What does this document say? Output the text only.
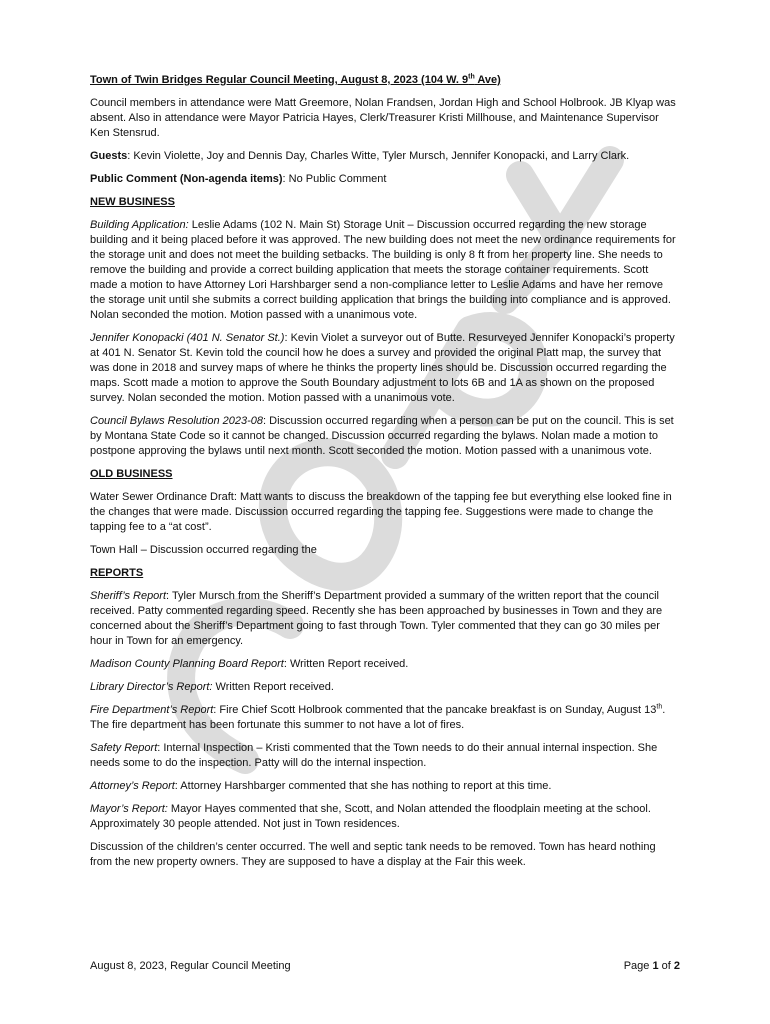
Town of Twin Bridges Regular Council Meeting, August 8, 2023 (104 W. 9th Ave)

Council members in attendance were Matt Greemore, Nolan Frandsen, Jordan High and School Holbrook. JB Klyap was absent. Also in attendance were Mayor Patricia Hayes, Clerk/Treasurer Kristi Millhouse, and Maintenance Supervisor Ken Stensrud.

Guests: Kevin Violette, Joy and Dennis Day, Charles Witte, Tyler Mursch, Jennifer Konopacki, and Larry Clark.

Public Comment (Non-agenda items): No Public Comment

NEW BUSINESS

Building Application: Leslie Adams (102 N. Main St) Storage Unit – Discussion occurred regarding the new storage building and it being placed before it was approved. The new building does not meet the new ordinance requirements for the storage unit and does not meet the building setbacks. The building is only 8 ft from her property line. She needs to remove the building and provide a correct building application that meets the storage container requirements. Scott made a motion to have Attorney Lori Harshbarger send a non-compliance letter to Leslie Adams and have her remove the storage unit until she submits a correct building application that brings the building into compliance and is approved. Nolan seconded the motion. Motion passed with a unanimous vote.

Jennifer Konopacki (401 N. Senator St.): Kevin Violet a surveyor out of Butte. Resurveyed Jennifer Konopacki’s property at 401 N. Senator St. Kevin told the council how he does a survey and provided the original Platt map, the survey that was done in 2018 and survey maps of where he thinks the property lines should be. Discussion occurred regarding the maps. Scott made a motion to approve the South Boundary adjustment to lots 6B and 1A as shown on the proposed survey. Nolan seconded the motion. Motion passed with a unanimous vote.

Council Bylaws Resolution 2023-08: Discussion occurred regarding when a person can be put on the council. This is set by Montana State Code so it cannot be changed. Discussion occurred regarding the bylaws. Nolan made a motion to postpone approving the bylaws until next month. Scott seconded the motion. Motion passed with a unanimous vote.

OLD BUSINESS

Water Sewer Ordinance Draft: Matt wants to discuss the breakdown of the tapping fee but everything else looked fine in the changes that were made. Discussion occurred regarding the tapping fee. Suggestions were made to change the tapping fee to a “at cost”.

Town Hall – Discussion occurred regarding the

REPORTS

Sheriff’s Report: Tyler Mursch from the Sheriff’s Department provided a summary of the written report that the council received. Patty commented regarding speed. Recently she has been approached by businesses in Town and they are concerned about the Sheriff’s Department going to fast through Town. Tyler commented that they can go 30 miles per hour in Town for an emergency.

Madison County Planning Board Report: Written Report received.

Library Director’s Report: Written Report received.

Fire Department’s Report: Fire Chief Scott Holbrook commented that the pancake breakfast is on Sunday, August 13th. The fire department has been fortunate this summer to not have a lot of fires.

Safety Report: Internal Inspection – Kristi commented that the Town needs to do their annual internal inspection. She needs some to do the inspection. Patty will do the internal inspection.

Attorney’s Report: Attorney Harshbarger commented that she has nothing to report at this time.

Mayor’s Report: Mayor Hayes commented that she, Scott, and Nolan attended the floodplain meeting at the school. Approximately 30 people attended. Not just in Town residences.

Discussion of the children’s center occurred. The well and septic tank needs to be removed. Town has heard nothing from the new property owners. They are supposed to have a display at the Fair this week.

August 8, 2023, Regular Council Meeting	Page 1 of 2
